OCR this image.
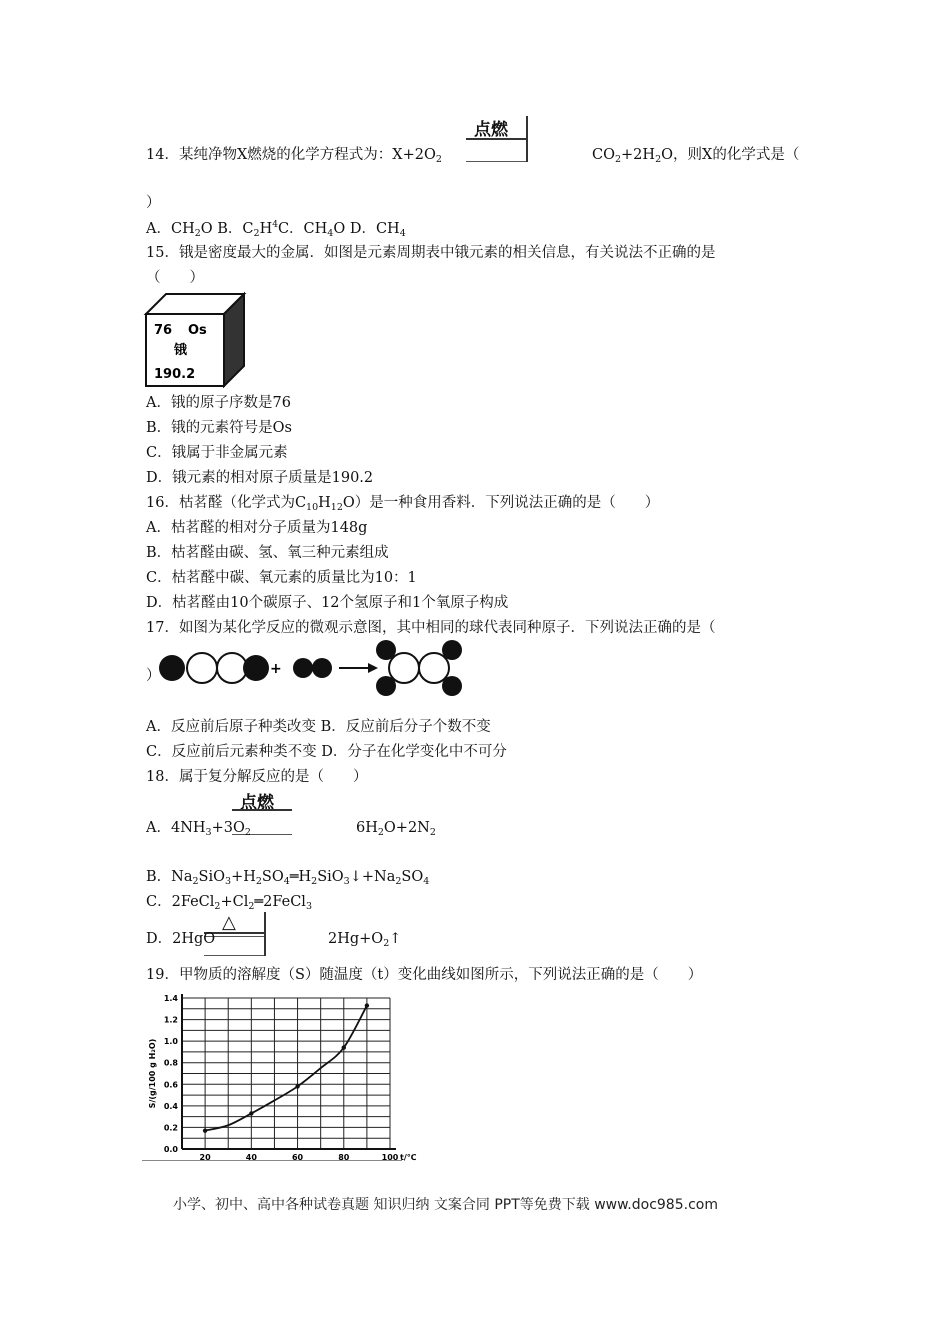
点燃
14．某纯净物X燃烧的化学方程式为：$X+2O_2$	$CO_2+2H_2O$，则X的化学式是（
）
A．$CH_2O$ B．$C_2H^4C$．$CH_4O$ D．$CH_4$
15．锇是密度最大的金属．如图是元素周期表中锇元素的相关信息，有关说法不正确的是
（　　）
76 Os
锇
190.2
A．锇的原子序数是76
B．锇的元素符号是Os
C．锇属于非金属元素
D．锇元素的相对原子质量是190.2
16．枯茗醛（化学式为$C_{10}H_{12}O$）是一种食用香料．下列说法正确的是（　　）
A．枯茗醛的相对分子质量为148g
B．枯茗醛由碳、氢、氧三种元素组成
C．枯茗醛中碳、氧元素的质量比为10：1
D．枯茗醛由10个碳原子、12个氢原子和1个氧原子构成
17．如图为某化学反应的微观示意图，其中相同的球代表同种原子．下列说法正确的是（
+
）
A．反应前后原子种类改变 B．反应前后分子个数不变
C．反应前后元素种类不变 D．分子在化学变化中不可分
18．属于复分解反应的是（　　）
点燃
A．$4NH_3+3O_2$	$6H_2O+2N_2$
B．$Na_2SiO_3+H_2SO_4═H_2SiO_3↓+Na_2SO_4$
C．$2FeCl_2+Cl_2═2FeCl_3$
△
D．2HgO	$2Hg+O_2↑$
19．甲物质的溶解度（S）随温度（t）变化曲线如图所示，下列说法正确的是（　　）
0.0
0.2
0.4
0.6
0.8
1.0
1.2
1.4
20	40	60	80	100 t/℃
S/(g/100 g H₂O)
小学、初中、高中各种试卷真题 知识归纳 文案合同 PPT等免费下载 www.doc985.com
